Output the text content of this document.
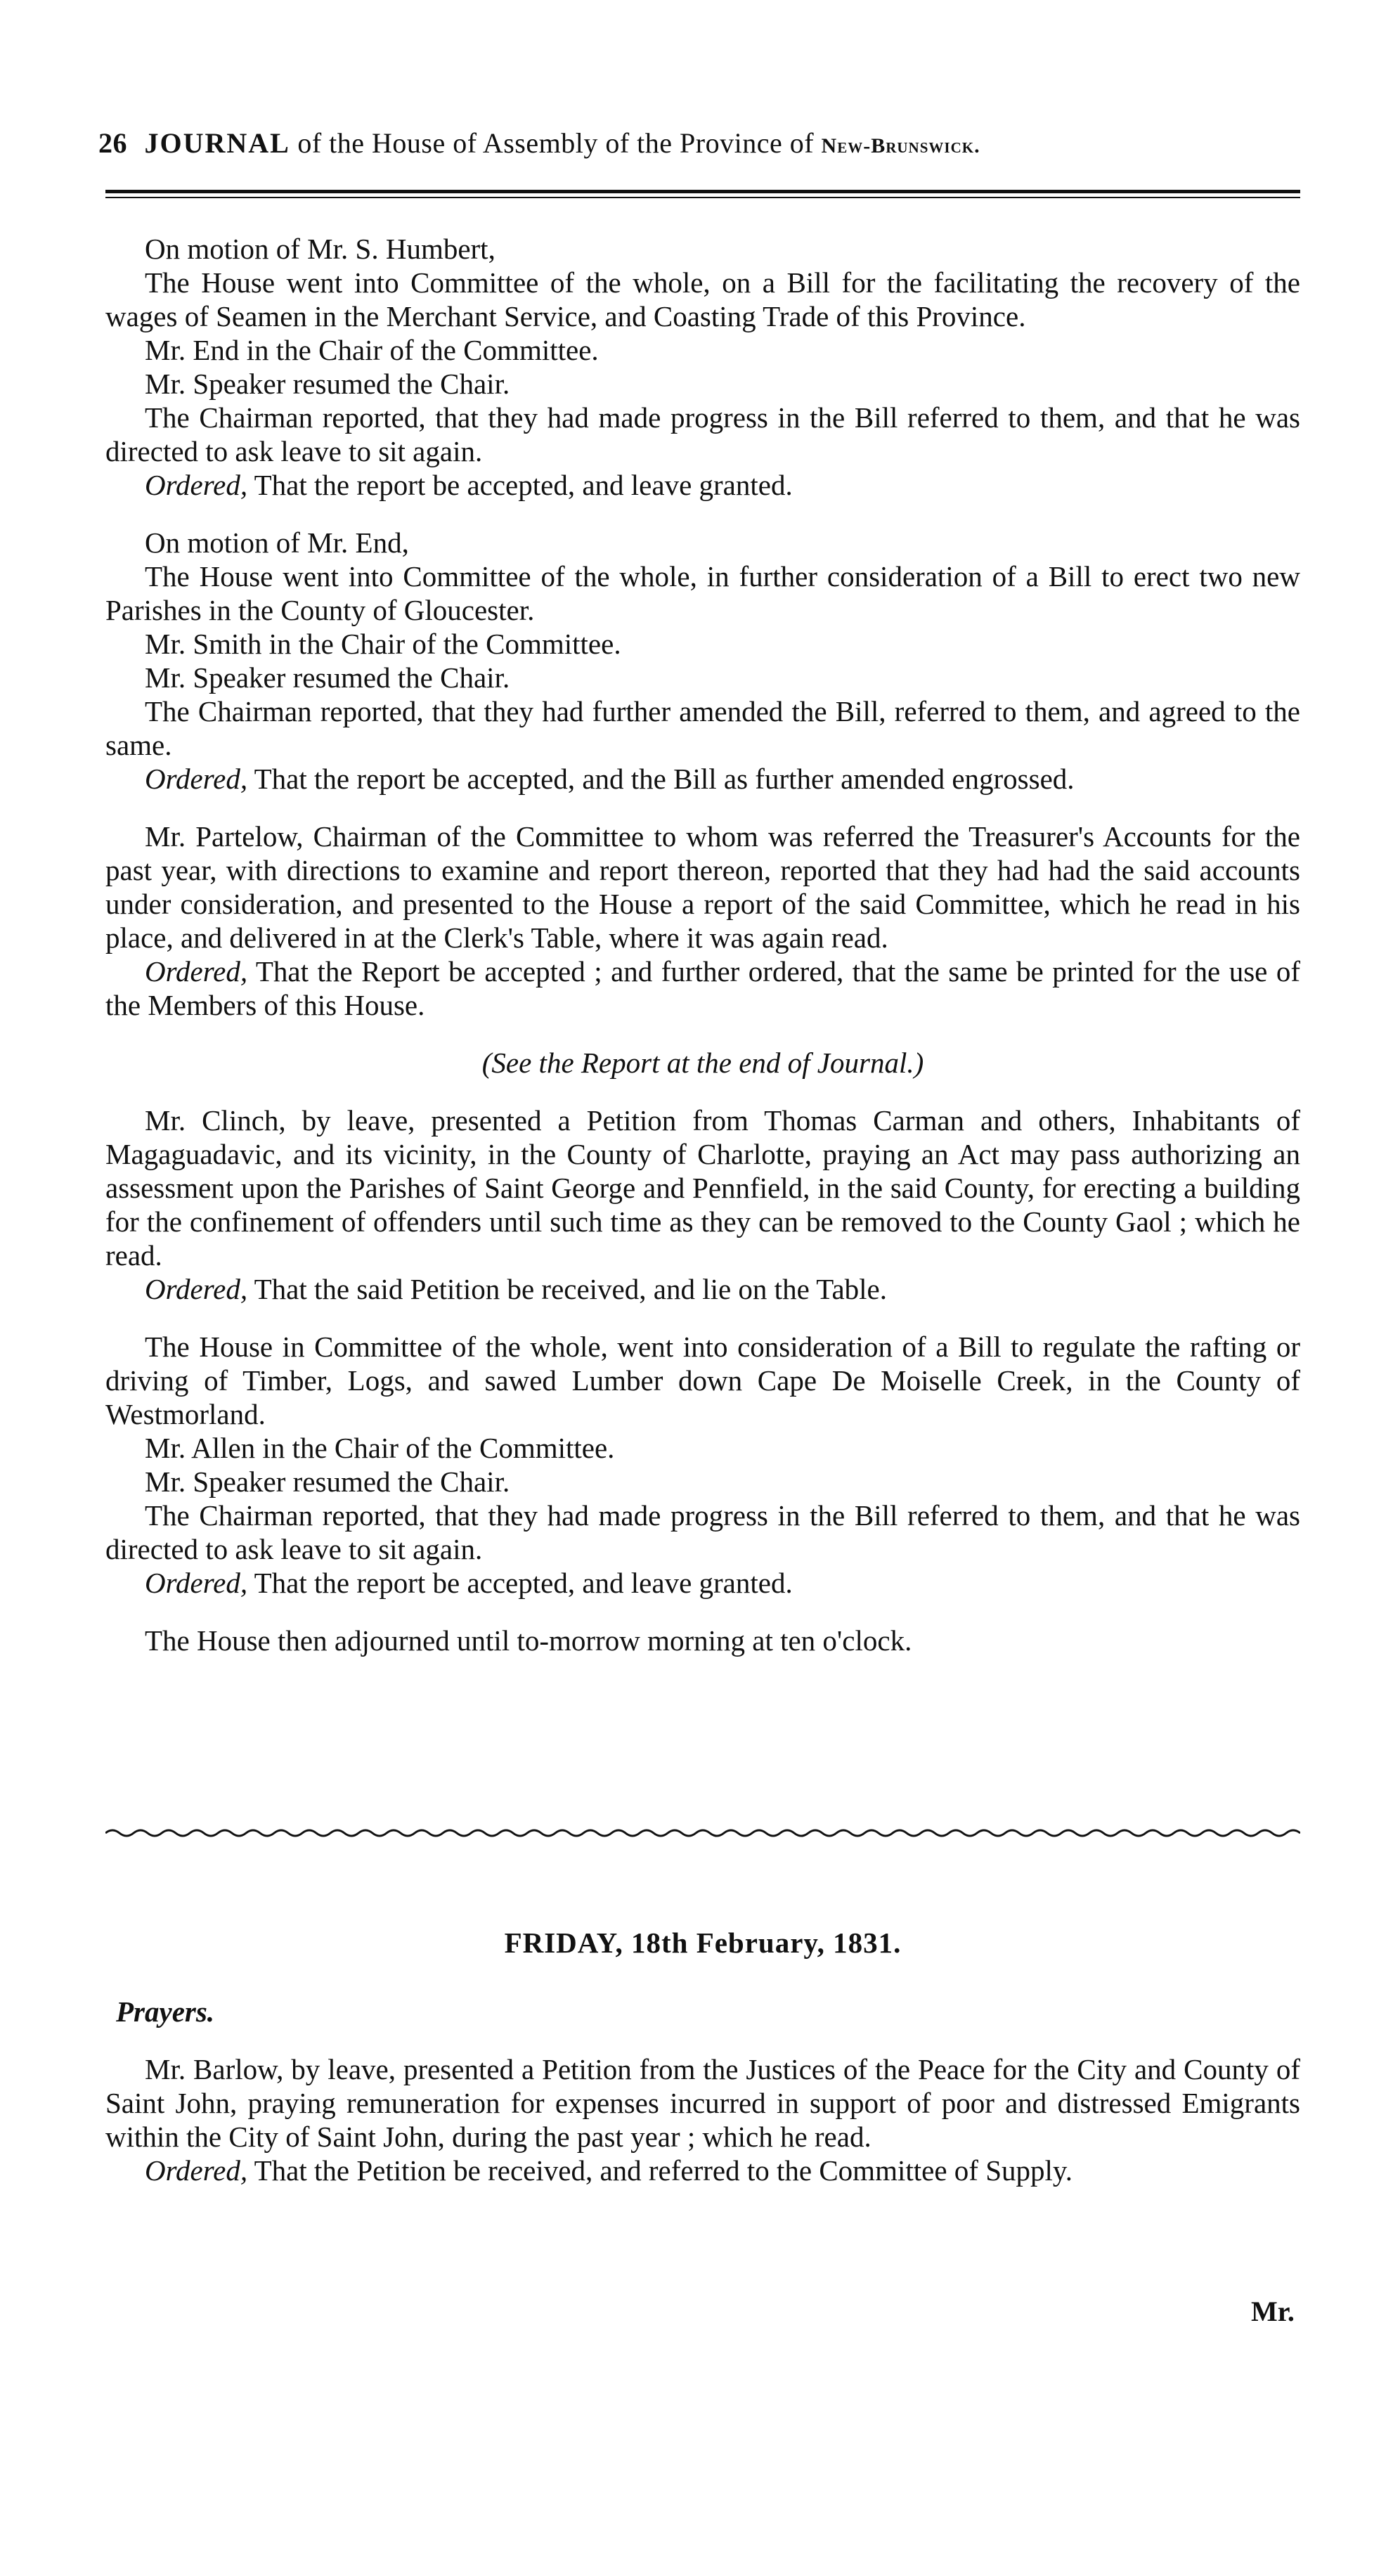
26 JOURNAL of the House of Assembly of the Province of New-Brunswick.

On motion of Mr. S. Humbert,

The House went into Committee of the whole, on a Bill for the facilitating the recovery of the wages of Seamen in the Merchant Service, and Coasting Trade of this Province.

Mr. End in the Chair of the Committee.

Mr. Speaker resumed the Chair.

The Chairman reported, that they had made progress in the Bill referred to them, and that he was directed to ask leave to sit again.

Ordered, That the report be accepted, and leave granted.

On motion of Mr. End,

The House went into Committee of the whole, in further consideration of a Bill to erect two new Parishes in the County of Gloucester.

Mr. Smith in the Chair of the Committee.

Mr. Speaker resumed the Chair.

The Chairman reported, that they had further amended the Bill, referred to them, and agreed to the same.

Ordered, That the report be accepted, and the Bill as further amended engrossed.

Mr. Partelow, Chairman of the Committee to whom was referred the Treasurer's Accounts for the past year, with directions to examine and report thereon, reported that they had had the said accounts under consideration, and presented to the House a report of the said Committee, which he read in his place, and delivered in at the Clerk's Table, where it was again read.

Ordered, That the Report be accepted ; and further ordered, that the same be printed for the use of the Members of this House.

(See the Report at the end of Journal.)

Mr. Clinch, by leave, presented a Petition from Thomas Carman and others, Inhabitants of Magaguadavic, and its vicinity, in the County of Charlotte, praying an Act may pass authorizing an assessment upon the Parishes of Saint George and Pennfield, in the said County, for erecting a building for the confinement of offenders until such time as they can be removed to the County Gaol ; which he read.

Ordered, That the said Petition be received, and lie on the Table.

The House in Committee of the whole, went into consideration of a Bill to regulate the rafting or driving of Timber, Logs, and sawed Lumber down Cape De Moiselle Creek, in the County of Westmorland.

Mr. Allen in the Chair of the Committee.

Mr. Speaker resumed the Chair.

The Chairman reported, that they had made progress in the Bill referred to them, and that he was directed to ask leave to sit again.

Ordered, That the report be accepted, and leave granted.

The House then adjourned until to-morrow morning at ten o'clock.

FRIDAY, 18th February, 1831.
Prayers.

Mr. Barlow, by leave, presented a Petition from the Justices of the Peace for the City and County of Saint John, praying remuneration for expenses incurred in support of poor and distressed Emigrants within the City of Saint John, during the past year ; which he read.

Ordered, That the Petition be received, and referred to the Committee of Supply.

Mr.
